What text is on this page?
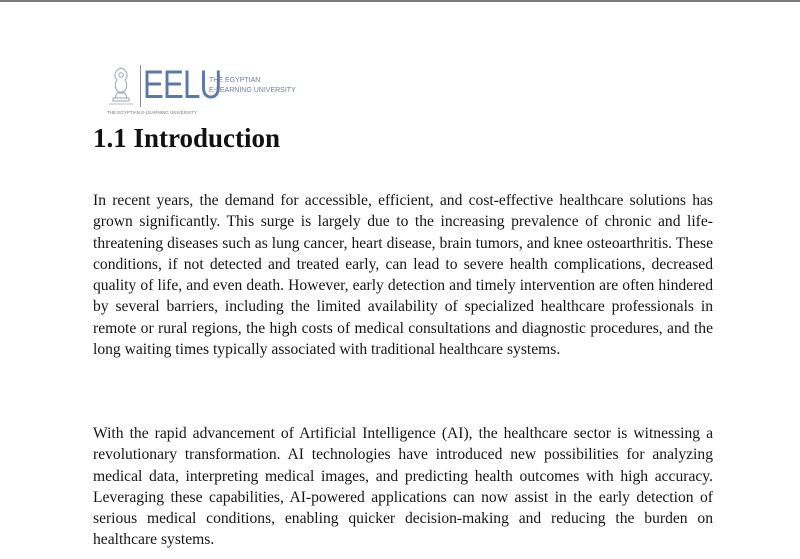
EELU
THE EGYPTIAN
E-LEARNING UNIVERSITY
THE EGYPTIAN E-LEARNING UNIVERSITY
1.1 Introduction

In recent years, the demand for accessible, efficient, and cost-effective healthcare solutions has grown significantly. This surge is largely due to the increasing prevalence of chronic and life-threatening diseases such as lung cancer, heart disease, brain tumors, and knee osteoarthritis. These conditions, if not detected and treated early, can lead to severe health complications, decreased quality of life, and even death. However, early detection and timely intervention are often hindered by several barriers, including the limited availability of specialized healthcare professionals in remote or rural regions, the high costs of medical consultations and diagnostic procedures, and the long waiting times typically associated with traditional healthcare systems.

With the rapid advancement of Artificial Intelligence (AI), the healthcare sector is witnessing a revolutionary transformation. AI technologies have introduced new possibilities for analyzing medical data, interpreting medical images, and predicting health outcomes with high accuracy. Leveraging these capabilities, AI-powered applications can now assist in the early detection of serious medical conditions, enabling quicker decision-making and reducing the burden on healthcare systems.
